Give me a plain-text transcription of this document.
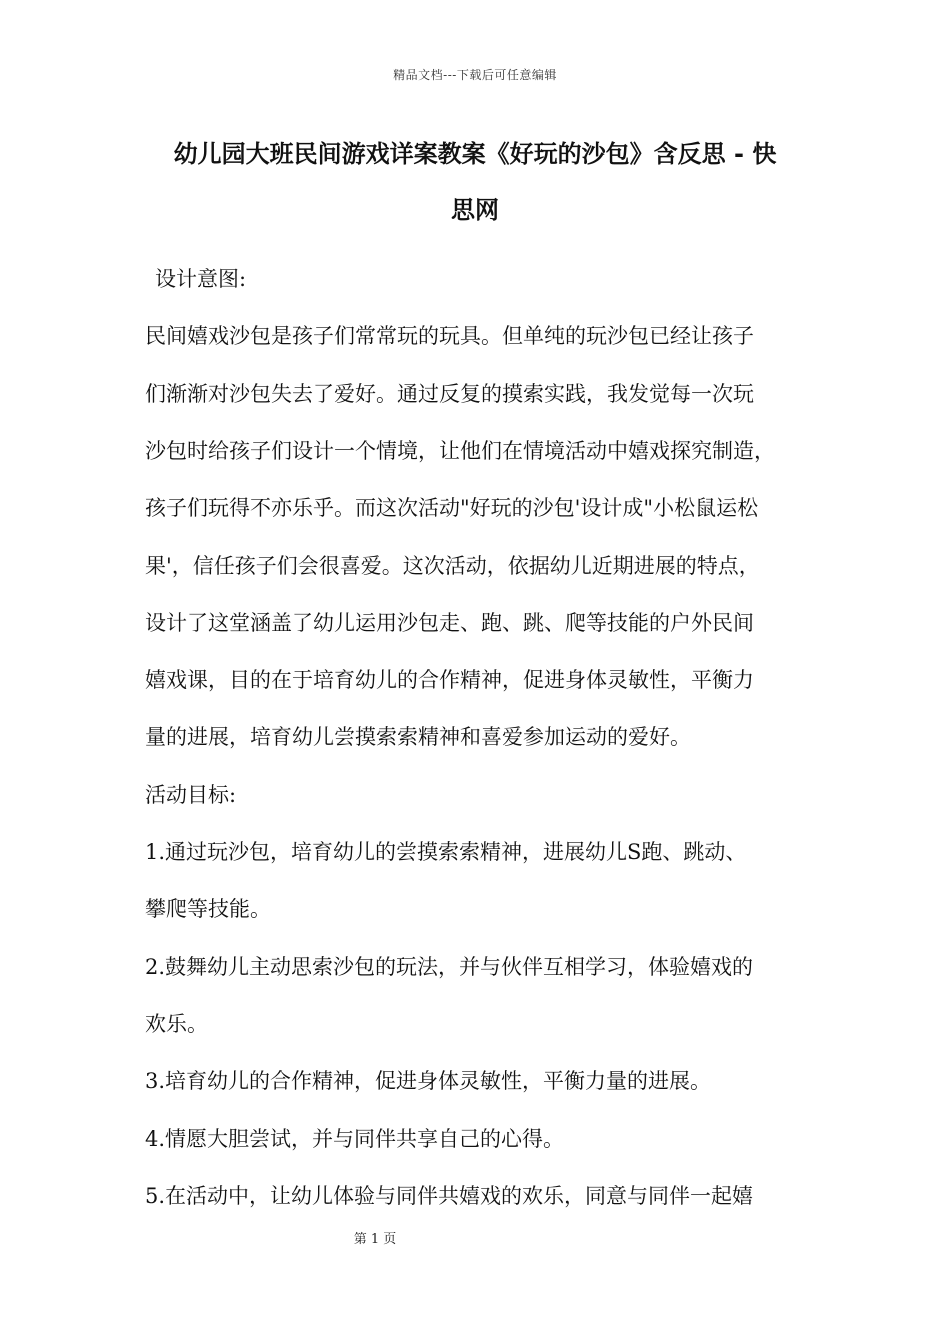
精品文档---下载后可任意编辑
幼儿园大班民间游戏详案教案《好玩的沙包》含反思 - 快
思网
设计意图:
民间嬉戏沙包是孩子们常常玩的玩具。但单纯的玩沙包已经让孩子
们渐渐对沙包失去了爱好。通过反复的摸索实践，我发觉每一次玩
沙包时给孩子们设计一个情境，让他们在情境活动中嬉戏探究制造，
孩子们玩得不亦乐乎。而这次活动"好玩的沙包'设计成"小松鼠运松
果'，信任孩子们会很喜爱。这次活动，依据幼儿近期进展的特点，
设计了这堂涵盖了幼儿运用沙包走、跑、跳、爬等技能的户外民间
嬉戏课，目的在于培育幼儿的合作精神，促进身体灵敏性，平衡力
量的进展，培育幼儿尝摸索索精神和喜爱参加运动的爱好。
活动目标:
1.通过玩沙包，培育幼儿的尝摸索索精神，进展幼儿S跑、跳动、
攀爬等技能。
2.鼓舞幼儿主动思索沙包的玩法，并与伙伴互相学习，体验嬉戏的
欢乐。
3.培育幼儿的合作精神，促进身体灵敏性，平衡力量的进展。
4.情愿大胆尝试，并与同伴共享自己的心得。
5.在活动中，让幼儿体验与同伴共嬉戏的欢乐，同意与同伴一起嬉
第 1 页
